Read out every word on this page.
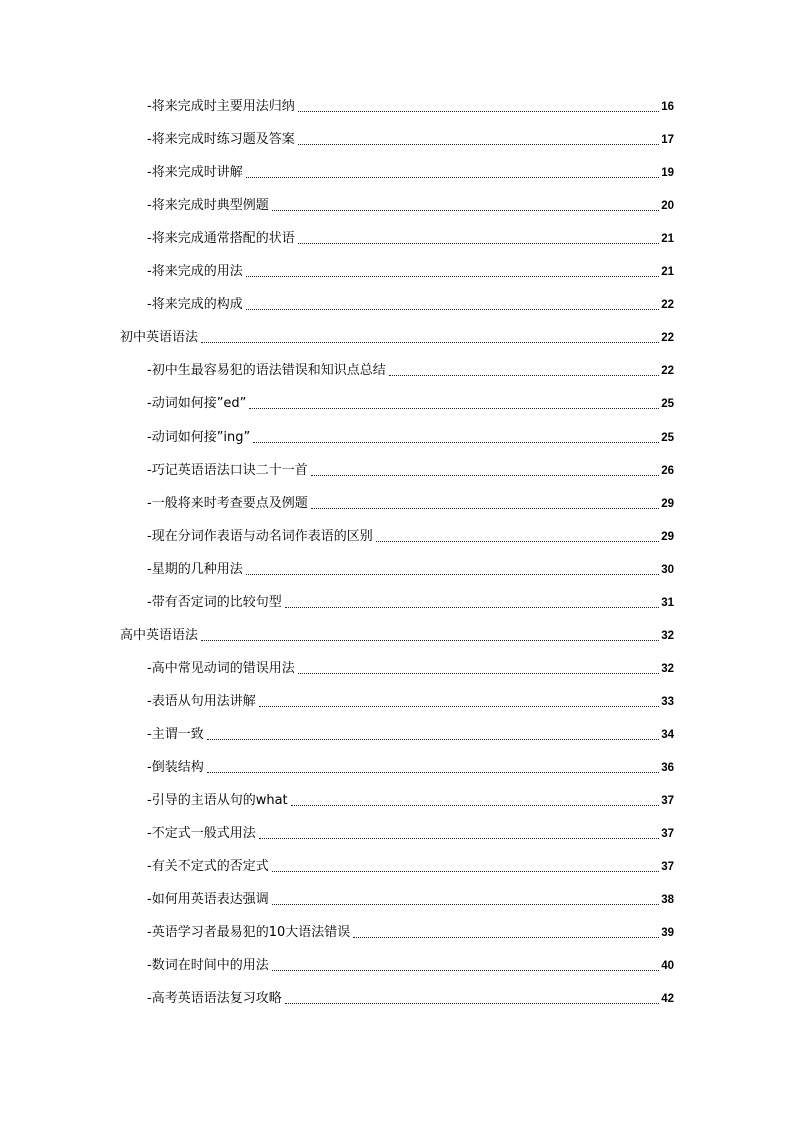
-将来完成时主要用法归纳	16
-将来完成时练习题及答案	17
-将来完成时讲解	19
-将来完成时典型例题	20
-将来完成通常搭配的状语	21
-将来完成的用法	21
-将来完成的构成	22
初中英语语法	22
-初中生最容易犯的语法错误和知识点总结	22
-动词如何接”ed”	25
-动词如何接”ing”	25
-巧记英语语法口诀二十一首	26
-一般将来时考查要点及例题	29
-现在分词作表语与动名词作表语的区别	29
-星期的几种用法	30
-带有否定词的比较句型	31
高中英语语法	32
-高中常见动词的错误用法	32
-表语从句用法讲解	33
-主谓一致	34
-倒装结构	36
-引导的主语从句的what	37
-不定式一般式用法	37
-有关不定式的否定式	37
-如何用英语表达强调	38
-英语学习者最易犯的10大语法错误	39
-数词在时间中的用法	40
-高考英语语法复习攻略	42
